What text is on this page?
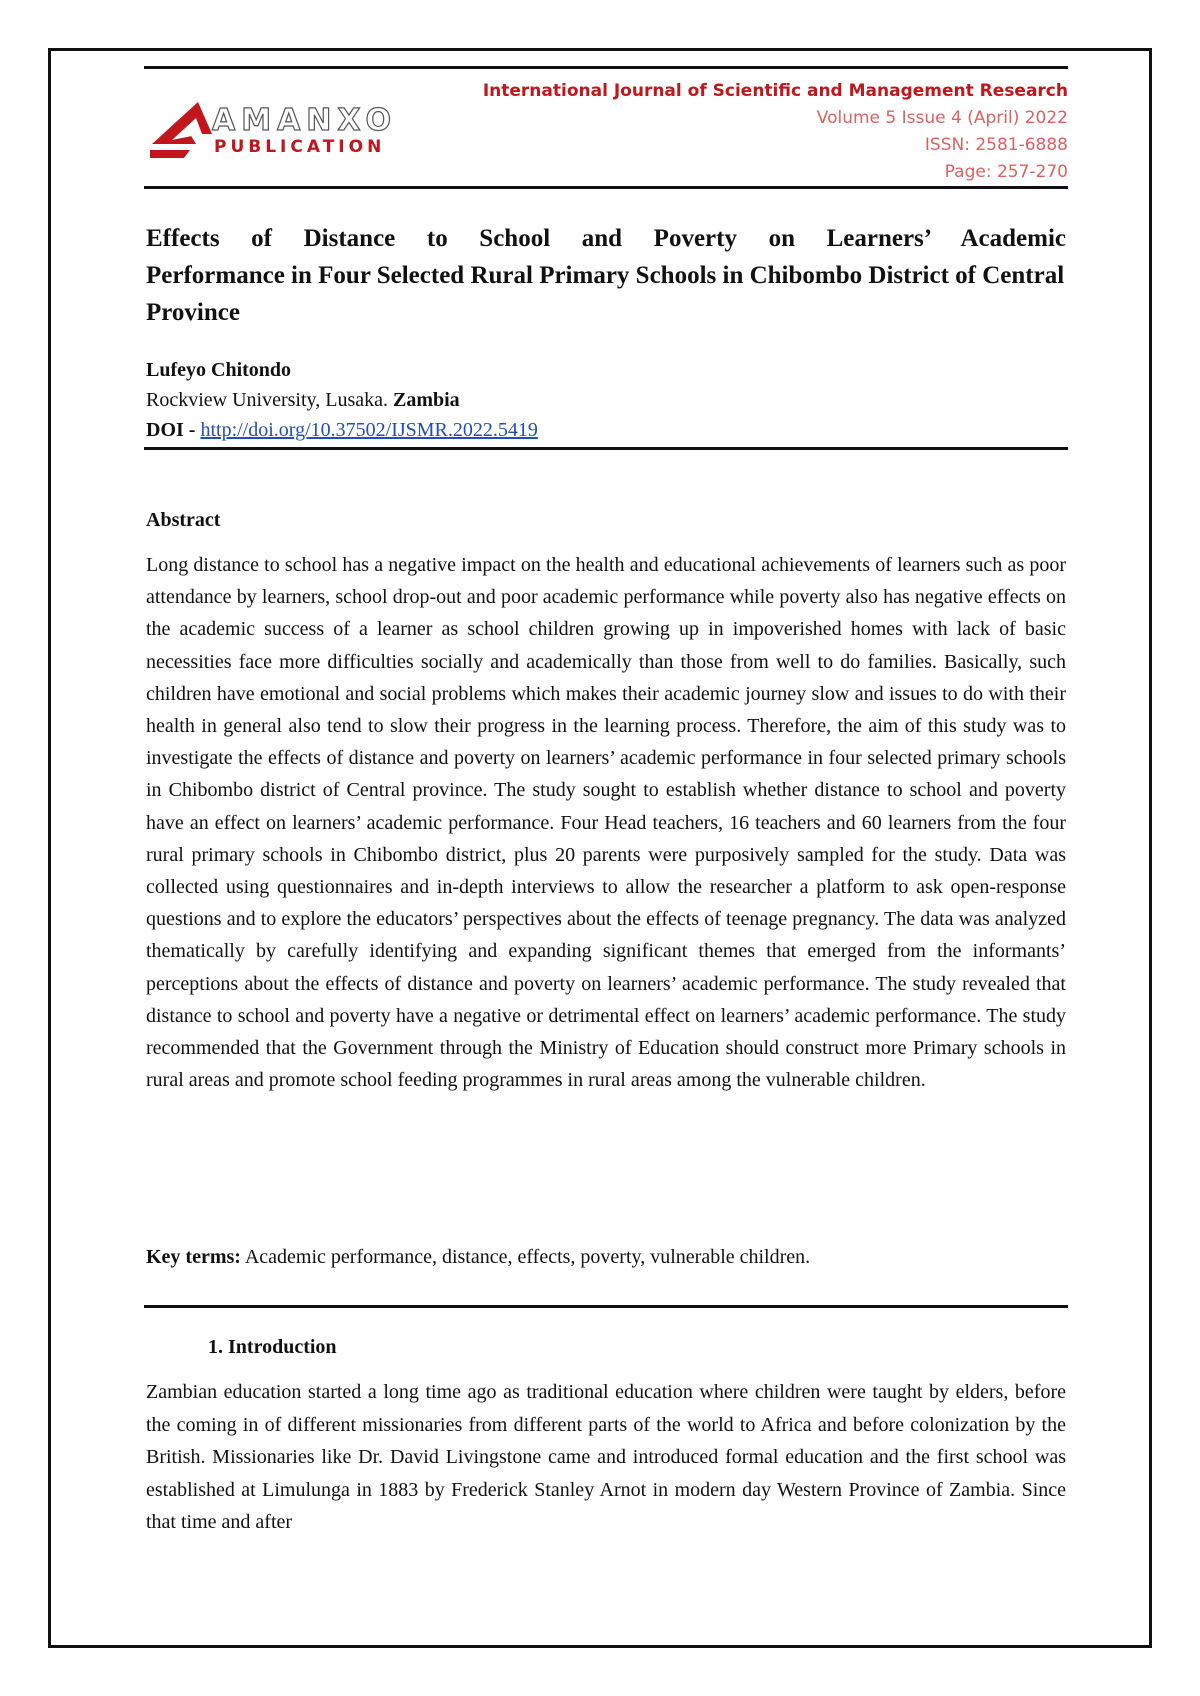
AMANXO
PUBLICATION
International Journal of Scientific and Management Research
Volume 5 Issue 4 (April) 2022
ISSN: 2581-6888
Page: 257-270
Effects of Distance to School and Poverty on Learners’ Academic
Performance in Four Selected Rural Primary Schools in Chibombo District of Central Province
Lufeyo Chitondo
Rockview University, Lusaka. Zambia
DOI - http://doi.org/10.37502/IJSMR.2022.5419
Abstract

Long distance to school has a negative impact on the health and educational achievements of learners such as poor attendance by learners, school drop-out and poor academic performance while poverty also has negative effects on the academic success of a learner as school children growing up in impoverished homes with lack of basic necessities face more difficulties socially and academically than those from well to do families. Basically, such children have emotional and social problems which makes their academic journey slow and issues to do with their health in general also tend to slow their progress in the learning process. Therefore, the aim of this study was to investigate the effects of distance and poverty on learners’ academic performance in four selected primary schools in Chibombo district of Central province. The study sought to establish whether distance to school and poverty have an effect on learners’ academic performance. Four Head teachers, 16 teachers and 60 learners from the four rural primary schools in Chibombo district, plus 20 parents were purposively sampled for the study. Data was collected using questionnaires and in-depth interviews to allow the researcher a platform to ask open-response questions and to explore the educators’ perspectives about the effects of teenage pregnancy. The data was analyzed thematically by carefully identifying and expanding significant themes that emerged from the informants’ perceptions about the effects of distance and poverty on learners’ academic performance. The study revealed that distance to school and poverty have a negative or detrimental effect on learners’ academic performance. The study recommended that the Government through the Ministry of Education should construct more Primary schools in rural areas and promote school feeding programmes in rural areas among the vulnerable children.

Key terms: Academic performance, distance, effects, poverty, vulnerable children.

1. Introduction

Zambian education started a long time ago as traditional education where children were taught by elders, before the coming in of different missionaries from different parts of the world to Africa and before colonization by the British. Missionaries like Dr. David Livingstone came and introduced formal education and the first school was established at Limulunga in 1883 by Frederick Stanley Arnot in modern day Western Province of Zambia. Since that time and after
